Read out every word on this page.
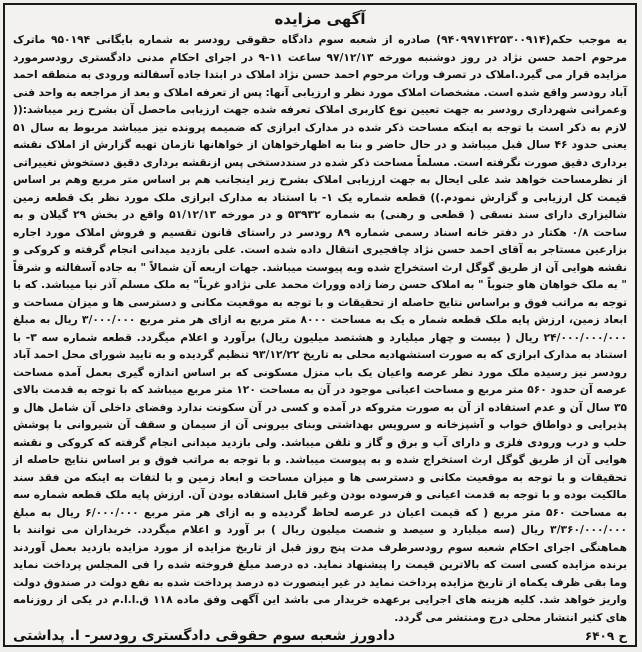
آگهی مزایده

به موجب حکم(۹۴۰۹۹۷۱۴۲۵۳۰۰۹۱۴) صادره از شعبه سوم دادگاه حقوقی رودسر به شماره بایگانی ۹۵۰۱۹۴ ماترک مرحوم احمد حسن نژاد در روز دوشنبه مورخه ۹۷/۱۲/۱۳ ساعت ۱۱-۹ در اجرای احکام مدنی دادگستری رودسرمورد مزایده قرار می گیرد.املاک در تصرف وراث مرحوم احمد حسن نژاد املاک در ابتدا جاده آسفالته ورودی به منطقه احمد آباد رودسر واقع شده است. مشخصات املاک مورد نظر و ارزیابی آنها: پس از تعرفه املاک و بعد از مراجعه به واحد فنی وعمرانی شهرداری رودسر به جهت تعیین نوع کاربری املاک تعرفه شده جهت ارزیابی ماحصل آن بشرح زیر میباشد:(( لازم به ذکر است با توجه به اینکه مساحت ذکر شده در مدارک ابرازی که ضمیمه پرونده نیز میباشد مربوط به سال ۵۱ یعنی حدود ۴۶ سال قبل میباشد و در حال حاضر و بنا به اظهارخواهان از خواهانها تازمان تهیه گزارش از املاک نقشه برداری دقیق صورت نگرفته است. مسلماً مساحت ذکر شده در سنددستخی پس ازنقشه برداری دقیق دستخوش تغییراتی از نظرمساحت خواهد شد علی ایحال به جهت ارزیابی املاک بشرح زیر اینجانب هم بر اساس متر مربع وهم بر اساس قیمت کل ارزیابی و گزارش نمودم.)) قطعه شماره یک ۱- با استناد به مدارک ابرازی ملک مورد نظر یک قطعه زمین شالیزاری دارای سند نسقی ( قطعی و رهنی) به شماره ۵۳۹۳۲ و در مورخه ۵۱/۱۲/۱۳ واقع در بخش ۲۹ گیلان و به ساحت ۰/۸ هکتار در دفتر خانه اسناد رسمی شماره ۸۹ رودسر در راستای قانون تقسیم و فروش املاک مورد اجاره بزارعین مستاجر به آقای احمد حسن نژاد چافجیری انتقال داده شده است. علی بازدید میدانی انجام گرفته و کروکی و نقشه هوایی آن از طریق گوگل ارث استخراج شده وبه پیوست میباشد. جهات اربعه آن شمالاً " به جاده آسفالته و شرقاً " به ملک خواهان هاو جنوباً " به املاک حسن رضا زاده ووراث محمد علی نژادو غرباً" به ملک مسلم آذر نیا میباشد. که با توجه به مراتب فوق و براساس نتایج حاصله از تحقیقات و با توجه به موقعیت مکانی و دسترسی ها و میزان مساحت و ابعاد زمین، ارزش پایه ملک قطعه شمار ه یک به مساحت ۸۰۰۰ متر مربع به ازای هر متر مربع ۳/۰۰۰/۰۰۰ ریال به مبلغ ۲۴/۰۰۰/۰۰۰/۰۰۰ ریال ( بیست و چهار میلیارد و هشتصد میلیون ریال) برآورد و اعلام میگردد. قطعه شماره سه ۳- با استناد به مدارک ابرازی که به صورت استشهادیه محلی به تاریخ ۹۳/۱۲/۲۲ تنظیم گردیده و به تایید شورای محل احمد آباد رودسر نیز رسیده ملک مورد نظر عرصه واعیان یک باب منزل مسکونی که بر اساس اندازه گیری بعمل آمده مساحت عرصه آن حدود ۵۶۰ متر مربع و مساحت اعیانی موجود در آن به مساحت ۱۲۰ متر مربع میباشد که با توجه به قدمت بالای ۳۵ سال آن و عدم استفاده از آن به صورت متروکه در آمده و کسی در آن سکونت ندارد وفضای داخلی آن شامل هال و پذیرایی و دواطاق خواب و آشپزخانه و سرویس بهداشتی وبنای بیرونی آن از سیمان و سقف آن شیروانی با پوشش حلب و درب ورودی فلزی و دارای آب و برق و گاز و تلفن میباشد. ولی بازدید میدانی انجام گرفته که کروکی و نقشه هوایی آن از طریق گوگل ارث استخراج شده و به پیوست میباشد. و با توجه به مراتب فوق و بر اساس نتایج حاصله از تحقیقات و با توجه به موقعیت مکانی و دسترسی ها و میزان مساحت و ابعاد زمین و با لتفات به اینکه من فقد سند مالکیت بوده و با توجه به قدمت اعیانی و فرسوده بودن وغیر قابل استفاده بودن آن. ارزش پایه ملک قطعه شماره سه به مساحت ۵۶۰ متر مربع ( که قیمت اعیان در عرصه لحاظ گردیده و به ازای هر متر مربع ۶/۰۰۰/۰۰۰ ریال به مبلغ ۳/۳۶۰/۰۰۰/۰۰۰ ریال (سه میلیارد و سیصد و شصت میلیون ریال ) بر آورد و اعلام میگردد. خریداران می توانند با هماهنگی اجرای احکام شعبه سوم رودسرطرف مدت پنج روز قبل از تاریخ مزایده از مورد مزایده بازدید بعمل آوردند برنده مزایده کسی است که بالاترین قیمت را پیشنهاد نماید. ده درصد مبلغ فروخته شده را فی المجلس پرداخت نماید وما بقی ظرف یکماه از تاریخ مزایده پرداخت نماید در غیر اینصورت ده درصد پرداخت شده به نفع دولت در صندوق دولت واریز خواهد شد. کلیه هزینه های اجرایی برعهده خریدار می باشد این آگهی وفق ماده ۱۱۸ ق.ا.ا.م در یکی از روزنامه های کثیر انتشار محلی درج ومنتشر می گردد.

ح ۶۴۰۹
دادورز شعبه سوم حقوقی دادگستری رودسر- ا. پداشتی
